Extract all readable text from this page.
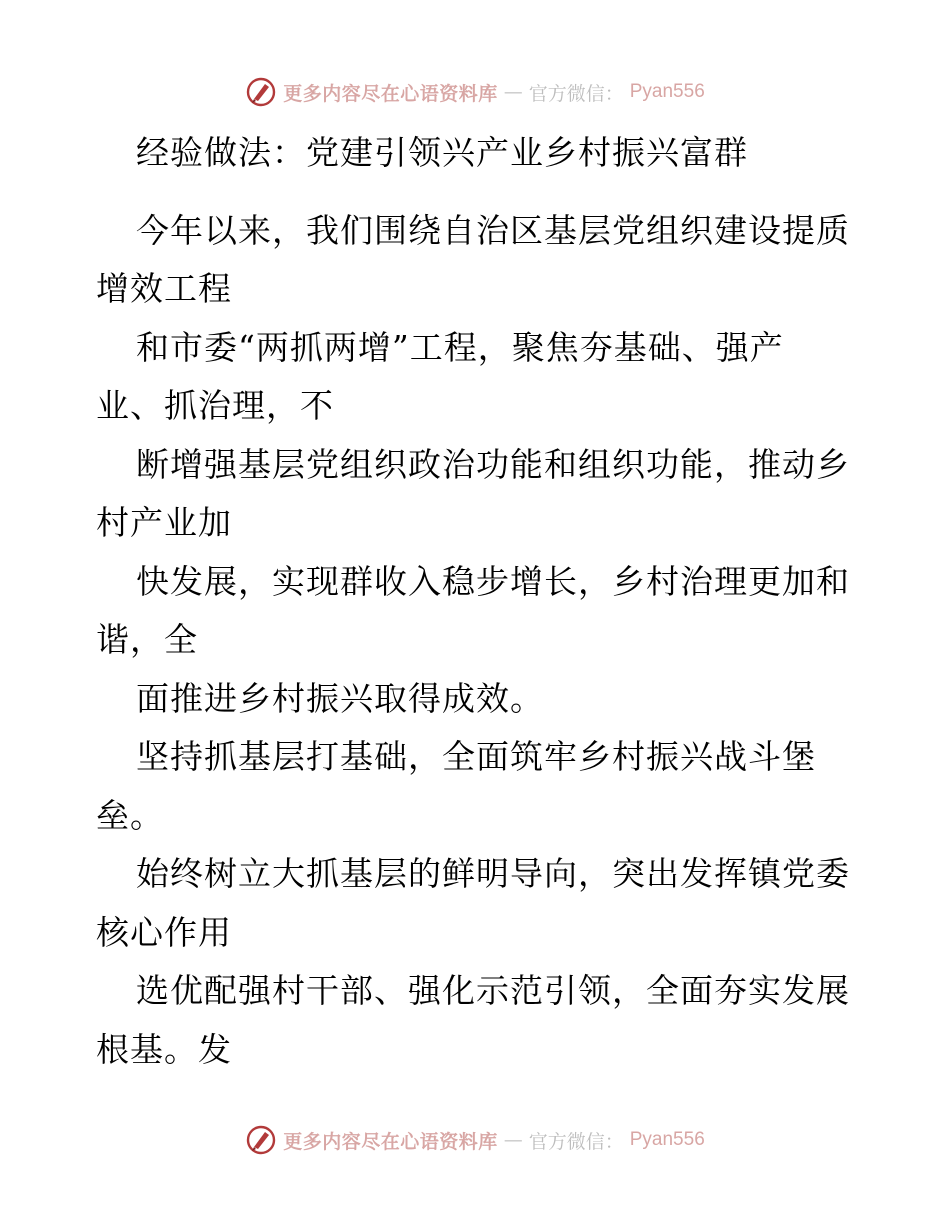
更多内容尽在心语资料库 — 官方微信： Pyan556
经验做法：党建引领兴产业乡村振兴富群
今年以来，我们围绕自治区基层党组织建设提质
增效工程
和市委“两抓两增”工程，聚焦夯基础、强产
业、抓治理，不
断增强基层党组织政治功能和组织功能，推动乡
村产业加
快发展，实现群收入稳步增长，乡村治理更加和
谐，全
面推进乡村振兴取得成效。
坚持抓基层打基础，全面筑牢乡村振兴战斗堡
垒。
始终树立大抓基层的鲜明导向，突出发挥镇党委
核心作用
选优配强村干部、强化示范引领，全面夯实发展
根基。发
更多内容尽在心语资料库 — 官方微信： Pyan556
